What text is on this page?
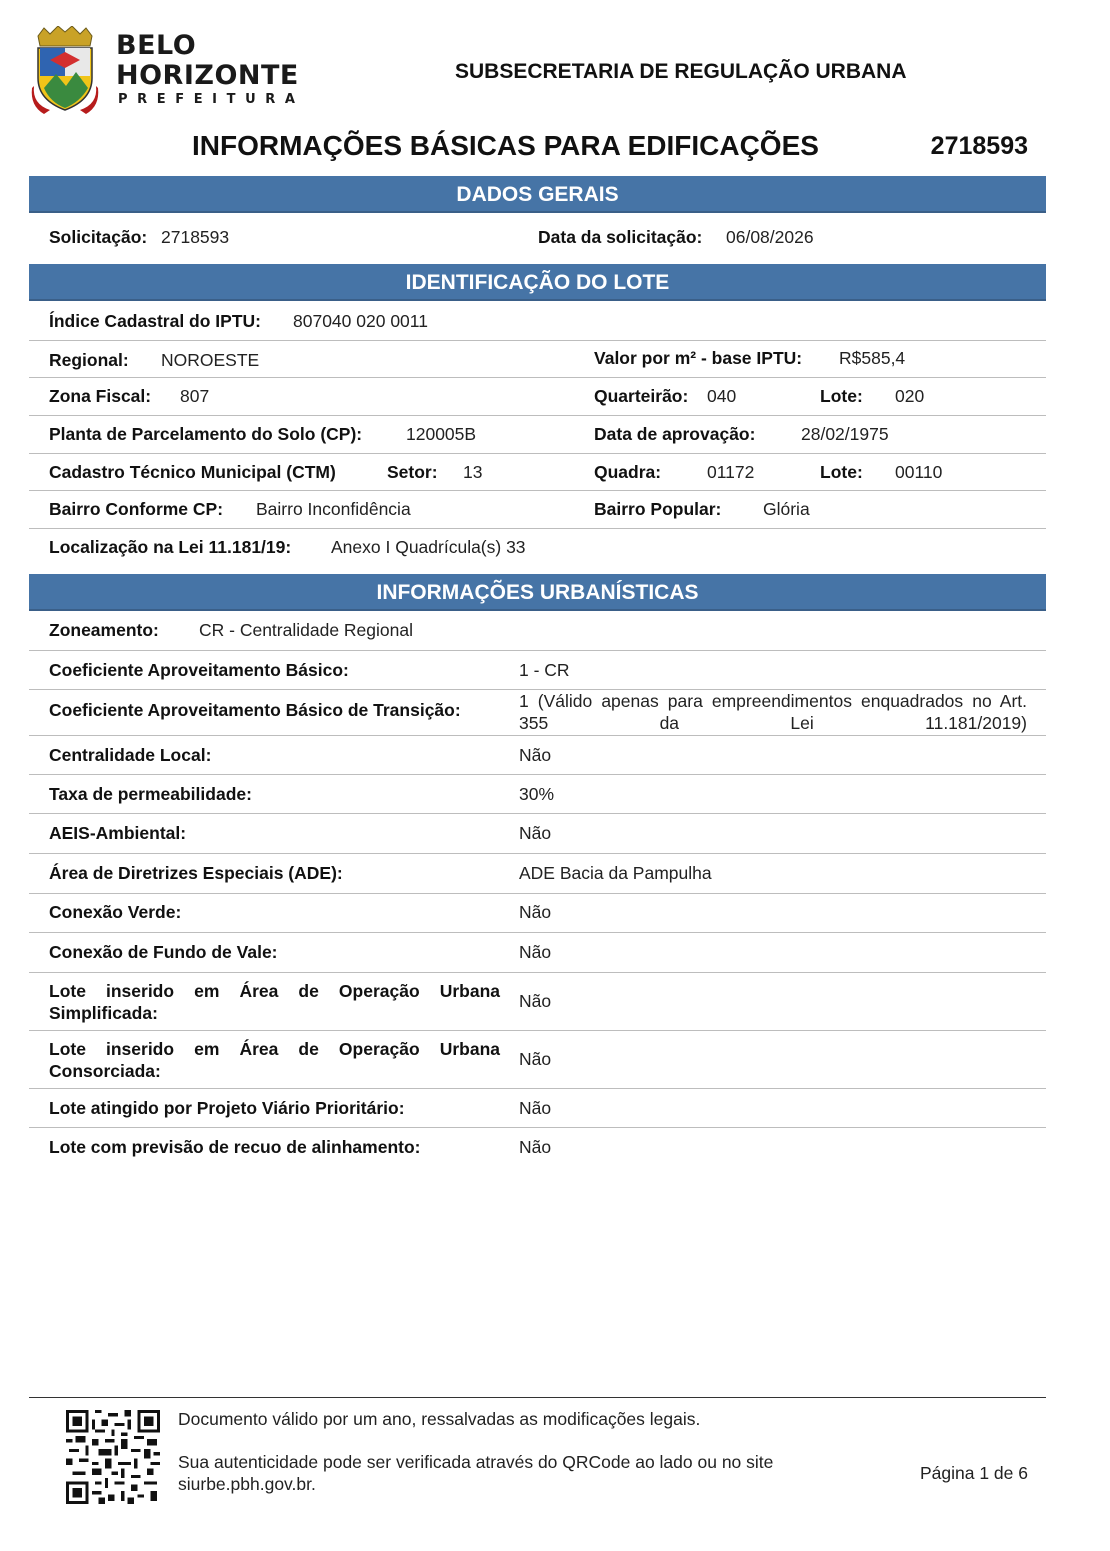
BELO
HORIZONTE
PREFEITURA
SUBSECRETARIA DE REGULAÇÃO URBANA
INFORMAÇÕES BÁSICAS PARA EDIFICAÇÕES	2718593
DADOS GERAIS
Solicitação: 2718593	Data da solicitação: 06/08/2026
IDENTIFICAÇÃO DO LOTE
Índice Cadastral do IPTU: 807040 020 0011
Regional: NOROESTE	Valor por m² - base IPTU: R$585,4
Zona Fiscal: 807	Quarteirão: 040	Lote: 020
Planta de Parcelamento do Solo (CP):	120005B	Data de aprovação:	28/02/1975
Cadastro Técnico Municipal (CTM)	Setor: 13	Quadra:	01172	Lote: 00110
Bairro Conforme CP: Bairro Inconfidência	Bairro Popular: Glória
Localização na Lei 11.181/19: Anexo I Quadrícula(s) 33
INFORMAÇÕES URBANÍSTICAS
Zoneamento: CR - Centralidade Regional
Coeficiente Aproveitamento Básico:	1 - CR
Coeficiente Aproveitamento Básico de Transição:	1 (Válido apenas para empreendimentos enquadrados no Art. 355 da Lei 11.181/2019)
Centralidade Local:	Não
Taxa de permeabilidade:	30%
AEIS-Ambiental:	Não
Área de Diretrizes Especiais (ADE):	ADE Bacia da Pampulha
Conexão Verde:	Não
Conexão de Fundo de Vale:	Não
Lote inserido em Área de Operação Urbana Simplificada:
Não
Lote inserido em Área de Operação Urbana Consorciada:
Não
Lote atingido por Projeto Viário Prioritário:	Não
Lote com previsão de recuo de alinhamento:	Não
Documento válido por um ano, ressalvadas as modificações legais.
Sua autenticidade pode ser verificada através do QRCode ao lado ou no site
siurbe.pbh.gov.br.
Página 1 de 6
